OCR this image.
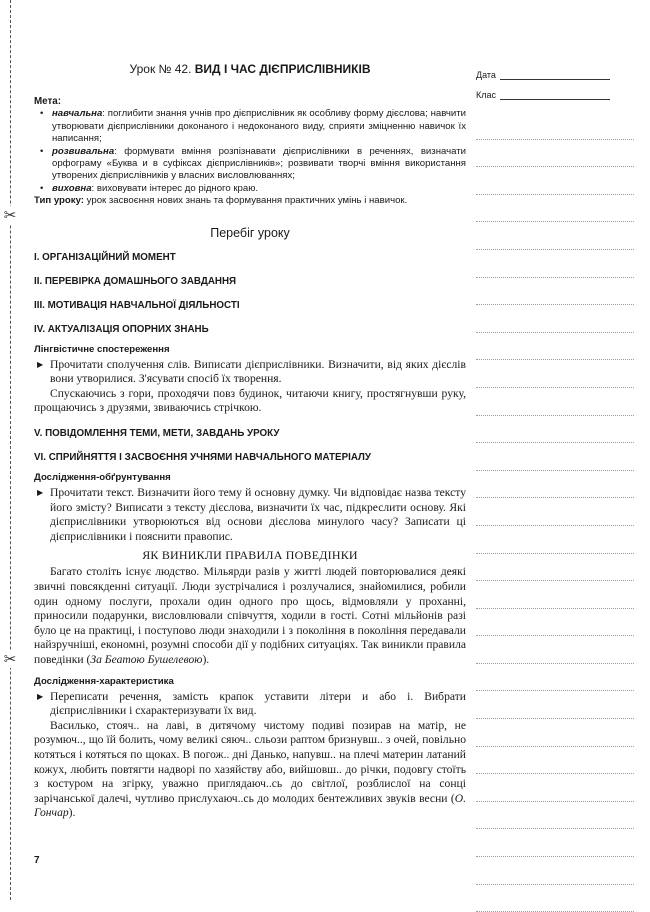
✂
✂
Урок № 42. ВИД І ЧАС ДІЄПРИСЛІВНИКІВ
Мета:
• навчальна: поглибити знання учнів про дієприслівник як особливу форму дієслова; навчити утворювати дієприслівники доконаного і недоконаного виду, сприяти зміцненню навичок їх написання;
• розвивальна: формувати вміння розпізнавати дієприслівники в реченнях, визначати орфограму «Буква и в суфіксах дієприслівників»; розвивати творчі вміння використання утворених дієприслівників у власних висловлюваннях;
• виховна: виховувати інтерес до рідного краю.
Тип уроку: урок засвоєння нових знань та формування практичних умінь і навичок.
Перебіг уроку
I. ОРГАНІЗАЦІЙНИЙ МОМЕНТ
II. ПЕРЕВІРКА ДОМАШНЬОГО ЗАВДАННЯ
III. МОТИВАЦІЯ НАВЧАЛЬНОЇ ДІЯЛЬНОСТІ
IV. АКТУАЛІЗАЦІЯ ОПОРНИХ ЗНАНЬ
Лінгвістичне спостереження
▶ Прочитати сполучення слів. Виписати дієприслівники. Визначити, від яких дієслів вони утворилися. З'ясувати спосіб їх творення.
Спускаючись з гори, проходячи повз будинок, читаючи книгу, простягнувши руку, прощаючись з друзями, звиваючись стрічкою.
V. ПОВІДОМЛЕННЯ ТЕМИ, МЕТИ, ЗАВДАНЬ УРОКУ
VI. СПРИЙНЯТТЯ І ЗАСВОЄННЯ УЧНЯМИ НАВЧАЛЬНОГО МАТЕРІАЛУ
Дослідження-обґрунтування
▶ Прочитати текст. Визначити його тему й основну думку. Чи відповідає назва тексту його змісту? Виписати з тексту дієслова, визначити їх час, підкреслити основу. Які дієприслівники утворюються від основи дієслова минулого часу? Записати ці дієприслівники і пояснити правопис.
ЯК ВИНИКЛИ ПРАВИЛА ПОВЕДІНКИ
Багато століть існує людство. Мільярди разів у житті людей повторювалися деякі звичні повсякденні ситуації. Люди зустрічалися і розлучалися, знайомилися, робили один одному послуги, прохали один одного про щось, відмовляли у проханні, приносили подарунки, висловлювали співчуття, ходили в гості. Сотні мільйонів разі було це на практиці, і поступово люди знаходили і з покоління в покоління передавали найзручніші, економні, розумні способи дії у подібних ситуаціях. Так виникли правила поведінки (За Беатою Бушелевою).
Дослідження-характеристика
▶ Переписати речення, замість крапок уставити літери и або і. Вибрати дієприслівники і схарактеризувати їх вид.
Василько, стояч.. на лаві, в дитячому чистому подиві позирав на матір, не розумюч.., що їй болить, чому великі сяюч.. сльози раптом бризнувш.. з очей, повільно котяться і котяться по щоках. В погож.. дні Данько, напувш.. на плечі материн латаний кожух, любить повтягти надворі по хазяйству або, вийшовш.. до річки, подовгу стоїть з костуром на згірку, уважно приглядаюч..сь до світлої, розблислої на сонці зарічанської далечі, чутливо прислухаюч..сь до молодих бентежливих звуків весни (О. Гончар).
7
Дата
Клас
